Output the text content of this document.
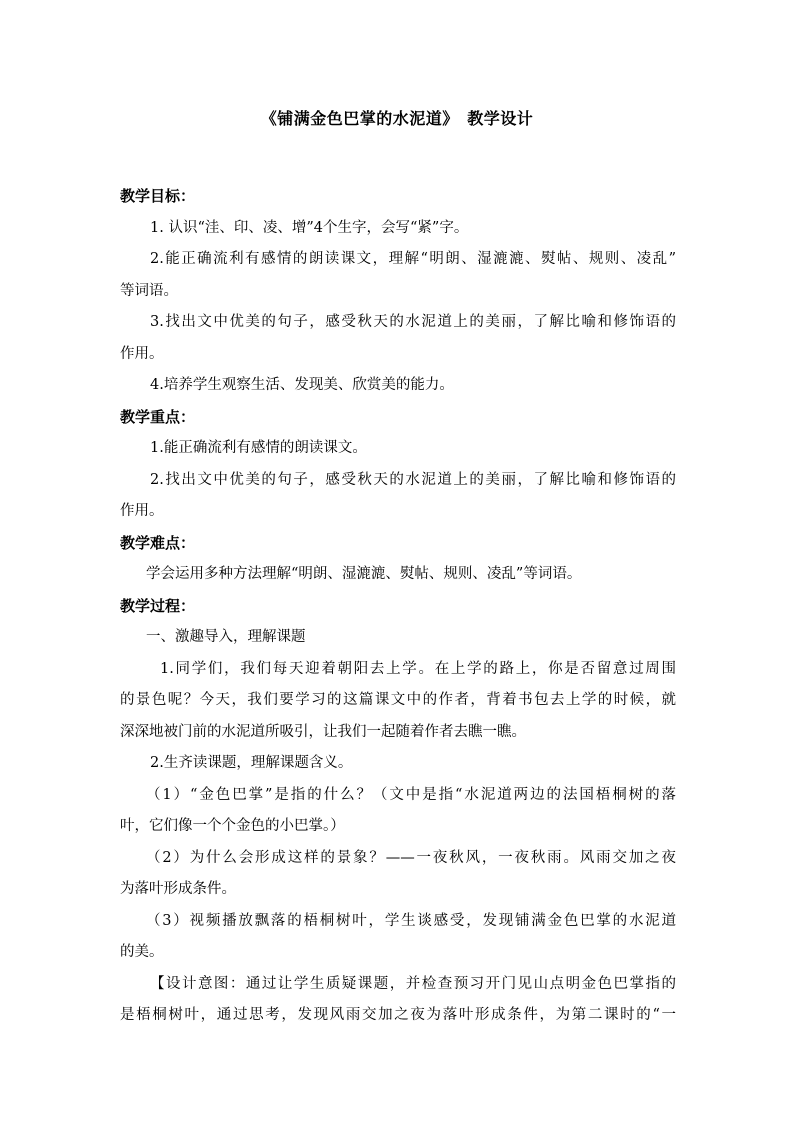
《铺满金色巴掌的水泥道》　教学设计
教学目标：
1. 认识“洼、印、凌、增”4个生字，会写“紧”字。
2.能正确流利有感情的朗读课文，理解“明朗、湿漉漉、熨帖、规则、凌乱”
等词语。
3.找出文中优美的句子，感受秋天的水泥道上的美丽，了解比喻和修饰语的
作用。
4.培养学生观察生活、发现美、欣赏美的能力。
教学重点：
1.能正确流利有感情的朗读课文。
2.找出文中优美的句子，感受秋天的水泥道上的美丽，了解比喻和修饰语的
作用。
教学难点：
学会运用多种方法理解“明朗、湿漉漉、熨帖、规则、凌乱”等词语。
教学过程：
一、激趣导入，理解课题
1.同学们，我们每天迎着朝阳去上学。在上学的路上，你是否留意过周围
的景色呢？今天，我们要学习的这篇课文中的作者，背着书包去上学的时候，就
深深地被门前的水泥道所吸引，让我们一起随着作者去瞧一瞧。
2.生齐读课题，理解课题含义。
（1）“金色巴掌”是指的什么？（文中是指“水泥道两边的法国梧桐树的落
叶，它们像一个个金色的小巴掌。）
（2）为什么会形成这样的景象？——一夜秋风，一夜秋雨。风雨交加之夜
为落叶形成条件。
（3）视频播放飘落的梧桐树叶，学生谈感受，发现铺满金色巴掌的水泥道
的美。
【设计意图：通过让学生质疑课题，并检查预习开门见山点明金色巴掌指的
是梧桐树叶，通过思考，发现风雨交加之夜为落叶形成条件，为第二课时的“一
